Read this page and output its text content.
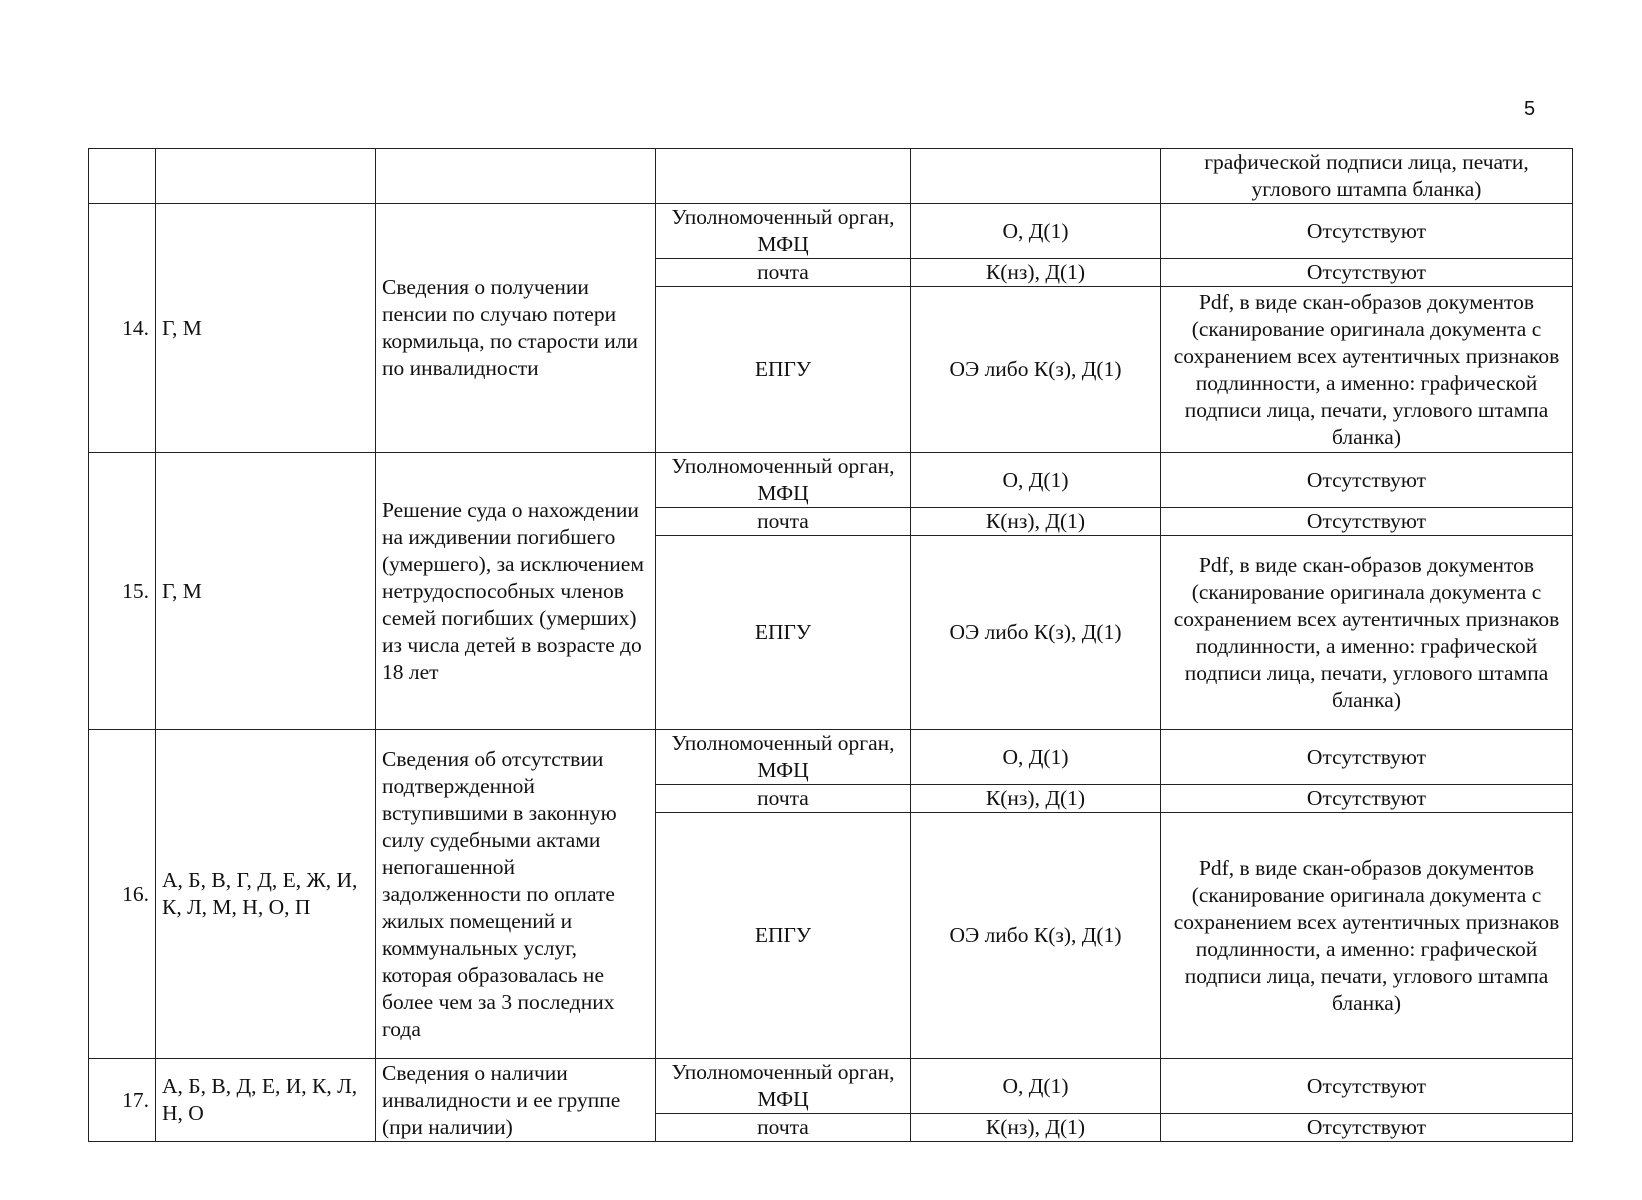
5
					графической подписи лица, печати, углового штампа бланка)
14.	Г, М	Сведения о получении пенсии по случаю потери кормильца, по старости или по инвалидности	Уполномоченный орган, МФЦ	О, Д(1)	Отсутствуют
			почта	К(нз), Д(1)	Отсутствуют
			ЕПГУ	ОЭ либо К(з), Д(1)	Pdf, в виде скан-образов документов (сканирование оригинала документа с сохранением всех аутентичных признаков подлинности, а именно: графической подписи лица, печати, углового штампа бланка)
15.	Г, М	Решение суда о нахождении на иждивении погибшего (умершего), за исключением нетрудоспособных членов семей погибших (умерших) из числа детей в возрасте до 18 лет	Уполномоченный орган, МФЦ	О, Д(1)	Отсутствуют
			почта	К(нз), Д(1)	Отсутствуют
			ЕПГУ	ОЭ либо К(з), Д(1)	Pdf, в виде скан-образов документов (сканирование оригинала документа с сохранением всех аутентичных признаков подлинности, а именно: графической подписи лица, печати, углового штампа бланка)
16.	А, Б, В, Г, Д, Е, Ж, И, К, Л, М, Н, О, П	Сведения об отсутствии подтвержденной вступившими в законную силу судебными актами непогашенной задолженности по оплате жилых помещений и коммунальных услуг, которая образовалась не более чем за 3 последних года	Уполномоченный орган, МФЦ	О, Д(1)	Отсутствуют
			почта	К(нз), Д(1)	Отсутствуют
			ЕПГУ	ОЭ либо К(з), Д(1)	Pdf, в виде скан-образов документов (сканирование оригинала документа с сохранением всех аутентичных признаков подлинности, а именно: графической подписи лица, печати, углового штампа бланка)
17.	А, Б, В, Д, Е, И, К, Л, Н, О	Сведения о наличии инвалидности и ее группе (при наличии)	Уполномоченный орган, МФЦ	О, Д(1)	Отсутствуют
			почта	К(нз), Д(1)	Отсутствуют
